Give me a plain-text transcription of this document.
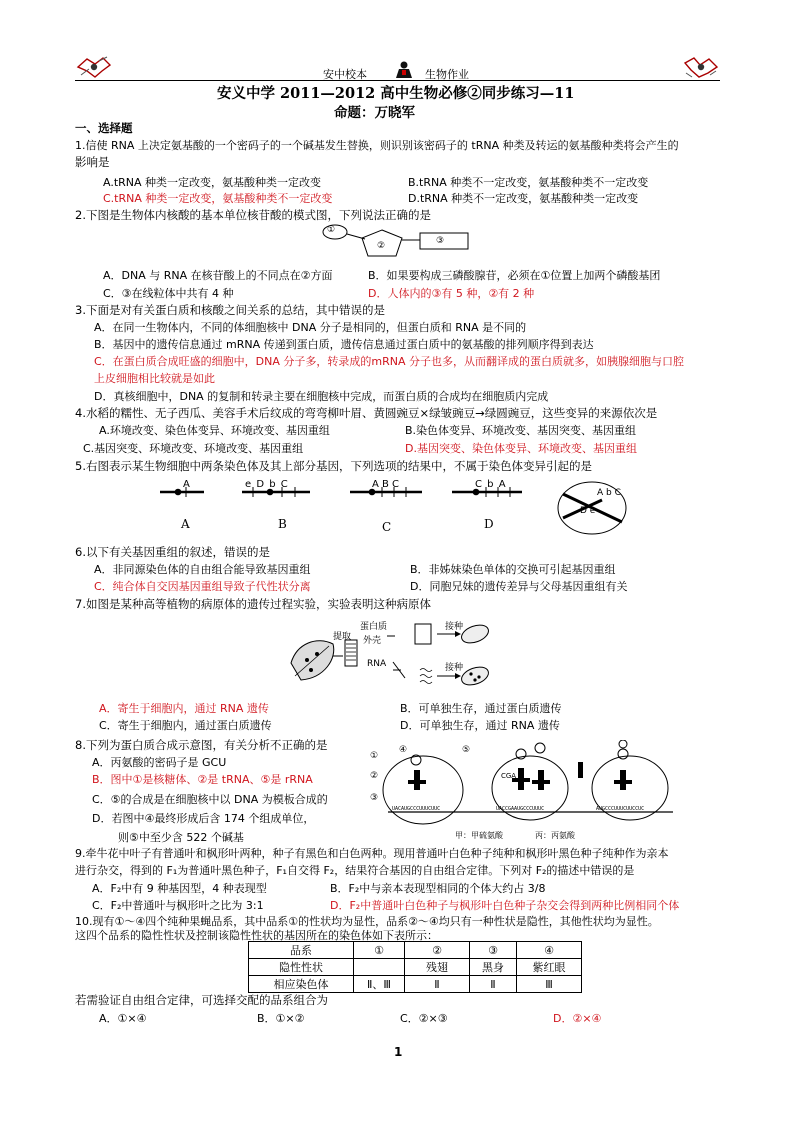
安中校本	生物作业
安义中学 2011—2012 高中生物必修②同步练习—11
命题：万晓军
一、选择题
1.信使 RNA 上决定氨基酸的一个密码子的一个碱基发生替换，则识别该密码子的 tRNA 种类及转运的氨基酸种类将会产生的
影响是
A.tRNA 种类一定改变，氨基酸种类一定改变	B.tRNA 种类不一定改变，氨基酸种类不一定改变
C.tRNA 种类一定改变，氨基酸种类不一定改变	D.tRNA 种类不一定改变，氨基酸种类一定改变
2.下图是生物体内核酸的基本单位核苷酸的模式图，下列说法正确的是
①
②	③
A．DNA 与 RNA 在核苷酸上的不同点在②方面	B．如果要构成三磷酸腺苷，必须在①位置上加两个磷酸基团
C．③在线粒体中共有 4 种	D．人体内的③有 5 种，②有 2 种
3.下面是对有关蛋白质和核酸之间关系的总结，其中错误的是
A．在同一生物体内，不同的体细胞核中 DNA 分子是相同的，但蛋白质和 RNA 是不同的
B．基因中的遗传信息通过 mRNA 传递到蛋白质，遗传信息通过蛋白质中的氨基酸的排列顺序得到表达
C．在蛋白质合成旺盛的细胞中，DNA 分子多，转录成的mRNA 分子也多，从而翻译成的蛋白质就多，如胰腺细胞与口腔
上皮细胞相比较就是如此
D．真核细胞中，DNA 的复制和转录主要在细胞核中完成，而蛋白质的合成均在细胞质内完成
4.水稻的糯性、无子西瓜、美容手术后纹成的弯弯柳叶眉、黄圆豌豆×绿皱豌豆→绿圆豌豆，这些变异的来源依次是
A.环境改变、染色体变异、环境改变、基因重组	B.染色体变异、环境改变、基因突变、基因重组
C.基因突变、环境改变、环境改变、基因重组	D.基因突变、染色体变异、环境改变、基因重组
5.右图表示某生物细胞中两条染色体及其上部分基因，下列选项的结果中，不属于染色体变异引起的是
A	e D b C	A B C	C b A
A b C
D e
A	B	C	D
6.以下有关基因重组的叙述，错误的是
A．非同源染色体的自由组合能导致基因重组	B．非姊妹染色单体的交换可引起基因重组
C．纯合体自交因基因重组导致子代性状分离	D．同胞兄妹的遗传差异与父母基因重组有关
7.如图是某种高等植物的病原体的遗传过程实验，实验表明这种病原体
提取
蛋白质
外壳
RNA
接种
接种
A．寄生于细胞内，通过 RNA 遗传	B．可单独生存，通过蛋白质遗传
C．寄生于细胞内，通过蛋白质遗传	D．可单独生存，通过 RNA 遗传
8.下列为蛋白质合成示意图，有关分析不正确的是
A．丙氨酸的密码子是 GCU
B．图中①是核糖体、②是 tRNA、⑤是 rRNA
C．⑤的合成是在细胞核中以 DNA 为模板合成的
D．若图中④最终形成后含 174 个组成单位，
则⑤中至少含 522 个碱基
UACAUGCCCUUUCUUC	UACCGAAUGCCCUUUC	AUGCCCUUUCUUCCUC
①
②
③
④	⑤
CGA
甲：甲硫氨酸　　　　丙：丙氨酸
9.牵牛花中叶子有普通叶和枫形叶两种，种子有黑色和白色两种。现用普通叶白色种子纯种和枫形叶黑色种子纯种作为亲本
进行杂交，得到的 F₁为普通叶黑色种子，F₁自交得 F₂，结果符合基因的自由组合定律。下列对 F₂的描述中错误的是
A．F₂中有 9 种基因型，4 种表现型	B．F₂中与亲本表现型相同的个体大约占 3/8
C．F₂中普通叶与枫形叶之比为 3:1	D．F₂中普通叶白色种子与枫形叶白色种子杂交会得到两种比例相同个体
10.现有①～④四个纯种果蝇品系，其中品系①的性状均为显性，品系②～④均只有一种性状是隐性，其他性状均为显性。
这四个品系的隐性性状及控制该隐性性状的基因所在的染色体如下表所示：
品系	①	②	③	④
隐性性状		残翅	黑身	紫红眼
相应染色体	Ⅱ、Ⅲ	Ⅱ	Ⅱ	Ⅲ
若需验证自由组合定律，可选择交配的品系组合为
A．①×④	B．①×②	C．②×③	D．②×④
1
